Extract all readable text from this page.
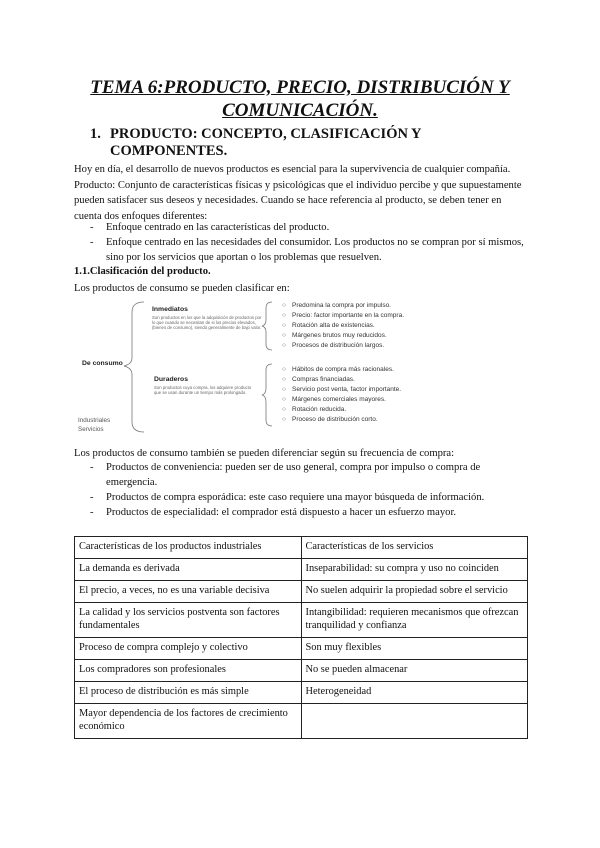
TEMA 6:PRODUCTO, PRECIO, DISTRIBUCIÓN Y
COMUNICACIÓN.
1. PRODUCTO: CONCEPTO, CLASIFICACIÓN Y
COMPONENTES.
Hoy en día, el desarrollo de nuevos productos es esencial para la supervivencia de cualquier compañía. Producto: Conjunto de características físicas y psicológicas que el individuo percibe y que supuestamente pueden satisfacer sus deseos y necesidades. Cuando se hace referencia al producto, se deben tener en cuenta dos enfoques diferentes:
- Enfoque centrado en las características del producto.
- Enfoque centrado en las necesidades del consumidor. Los productos no se compran por sí mismos, sino por los servicios que aportan o los problemas que resuelven.
1.1.Clasificación del producto.
Los productos de consumo se pueden clasificar en:
De consumo
Industriales
Servicios
Inmediatos
Son productos en los que la adquisición de productos por lo que cuando se necesitan de si los precios elevados, (bienes de consumo), siendo generalmente de bajo valor.
Duraderos
Son productos cuya compra, los adquiere producto que se usan durante un tiempo más prolongado.
○ Predomina la compra por impulso.
○ Precio: factor importante en la compra.
○ Rotación alta de existencias.
○ Márgenes brutos muy reducidos.
○ Procesos de distribución largos.
○ Hábitos de compra más racionales.
○ Compras financiadas.
○ Servicio post venta, factor importante.
○ Márgenes comerciales mayores.
○ Rotación reducida.
○ Proceso de distribución corto.
Los productos de consumo también se pueden diferenciar según su frecuencia de compra:
- Productos de conveniencia: pueden ser de uso general, compra por impulso o compra de emergencia.
- Productos de compra esporádica: este caso requiere una mayor búsqueda de información.
- Productos de especialidad: el comprador está dispuesto a hacer un esfuerzo mayor.
Características de los productos industriales	Características de los servicios
La demanda es derivada	Inseparabilidad: su compra y uso no coinciden
El precio, a veces, no es una variable decisiva	No suelen adquirir la propiedad sobre el servicio
La calidad y los servicios postventa son factores fundamentales	Intangibilidad: requieren mecanismos que ofrezcan tranquilidad y confianza
Proceso de compra complejo y colectivo	Son muy flexibles
Los compradores son profesionales	No se pueden almacenar
El proceso de distribución es más simple	Heterogeneidad
Mayor dependencia de los factores de crecimiento económico	
